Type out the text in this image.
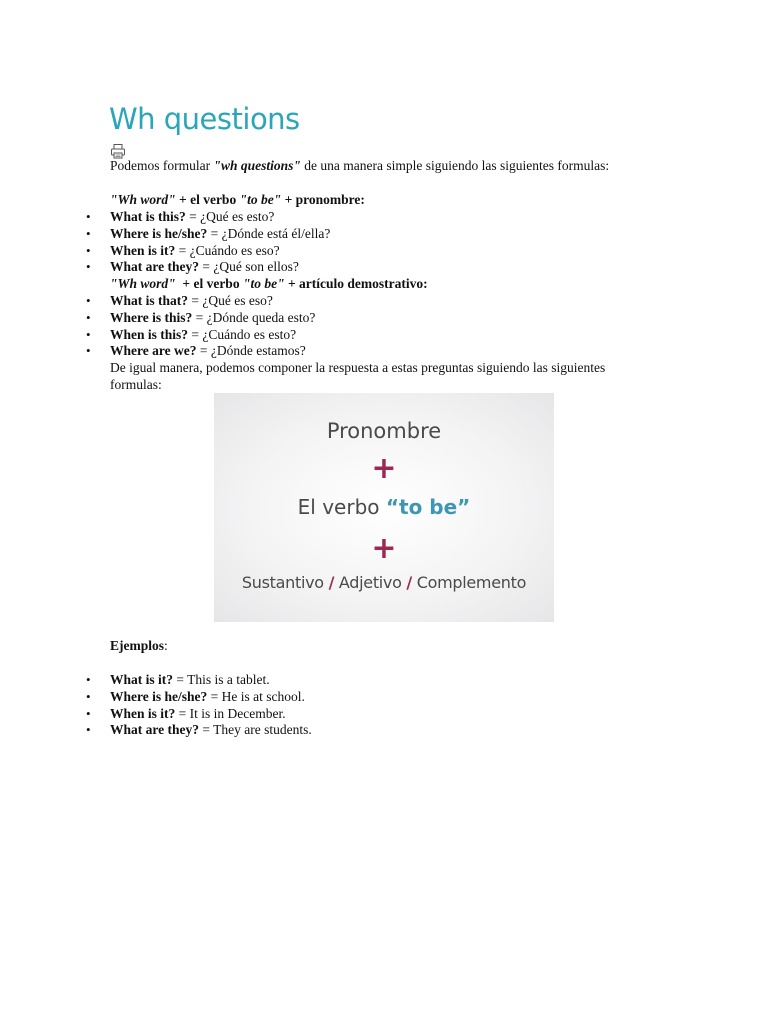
Wh questions
Podemos formular "wh questions" de una manera simple siguiendo las siguientes formulas:
"Wh word" + el verbo "to be" + pronombre:
• What is this? = ¿Qué es esto?
• Where is he/she? = ¿Dónde está él/ella?
• When is it? = ¿Cuándo es eso?
• What are they? = ¿Qué son ellos?
"Wh word"  + el verbo "to be" + artículo demostrativo:
• What is that? = ¿Qué es eso?
• Where is this? = ¿Dónde queda esto?
• When is this? = ¿Cuándo es esto?
• Where are we? = ¿Dónde estamos?
De igual manera, podemos componer la respuesta a estas preguntas siguiendo las siguientes formulas:
Pronombre
+
El verbo “to be”
+
Sustantivo / Adjetivo / Complemento
Ejemplos:
• What is it? = This is a tablet.
• Where is he/she? = He is at school.
• When is it? = It is in December.
• What are they? = They are students.
